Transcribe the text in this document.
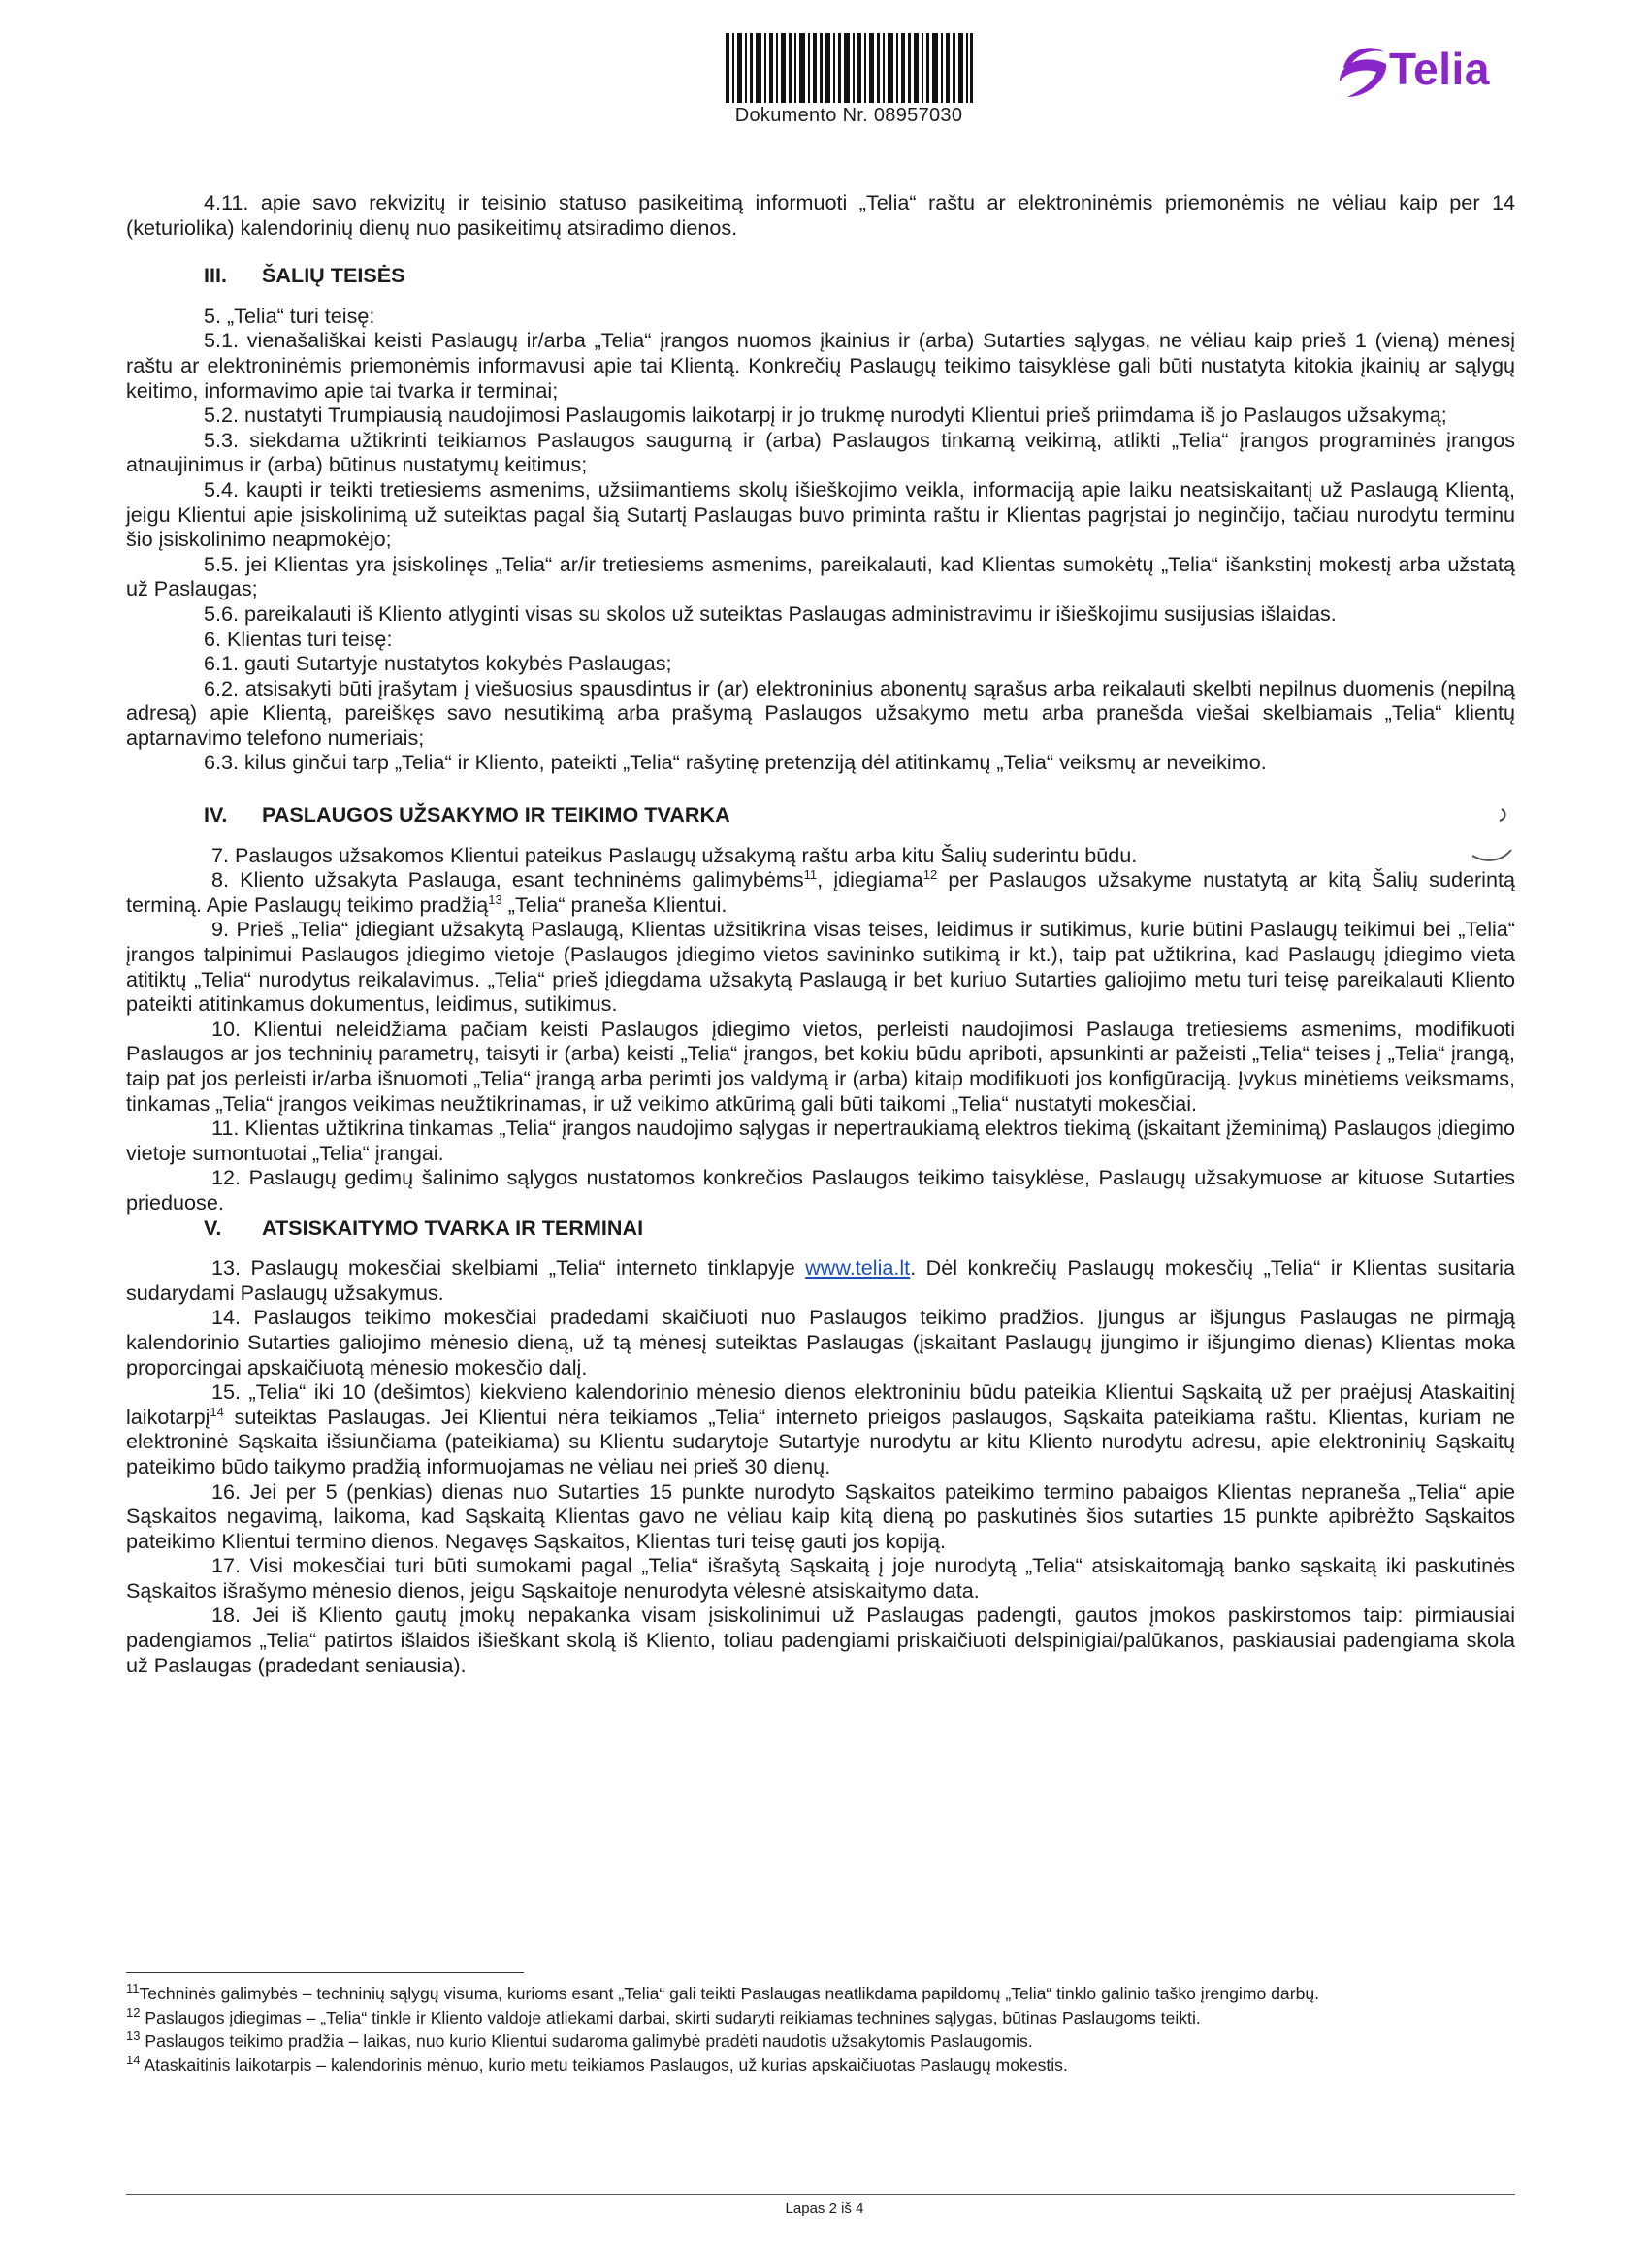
Dokumento Nr. 08957030
Telia

4.11. apie savo rekvizitų ir teisinio statuso pasikeitimą informuoti „Telia“ raštu ar elektroninėmis priemonėmis ne vėliau kaip per 14 (keturiolika) kalendorinių dienų nuo pasikeitimų atsiradimo dienos.

III. ŠALIŲ TEISĖS

5. „Telia“ turi teisę:

5.1. vienašališkai keisti Paslaugų ir/arba „Telia“ įrangos nuomos įkainius ir (arba) Sutarties sąlygas, ne vėliau kaip prieš 1 (vieną) mėnesį raštu ar elektroninėmis priemonėmis informavusi apie tai Klientą. Konkrečių Paslaugų teikimo taisyklėse gali būti nustatyta kitokia įkainių ar sąlygų keitimo, informavimo apie tai tvarka ir terminai;

5.2. nustatyti Trumpiausią naudojimosi Paslaugomis laikotarpį ir jo trukmę nurodyti Klientui prieš priimdama iš jo Paslaugos užsakymą;

5.3. siekdama užtikrinti teikiamos Paslaugos saugumą ir (arba) Paslaugos tinkamą veikimą, atlikti „Telia“ įrangos programinės įrangos atnaujinimus ir (arba) būtinus nustatymų keitimus;

5.4. kaupti ir teikti tretiesiems asmenims, užsiimantiems skolų išieškojimo veikla, informaciją apie laiku neatsiskaitantį už Paslaugą Klientą, jeigu Klientui apie įsiskolinimą už suteiktas pagal šią Sutartį Paslaugas buvo priminta raštu ir Klientas pagrįstai jo neginčijo, tačiau nurodytu terminu šio įsiskolinimo neapmokėjo;

5.5. jei Klientas yra įsiskolinęs „Telia“ ar/ir tretiesiems asmenims, pareikalauti, kad Klientas sumokėtų „Telia“ išankstinį mokestį arba užstatą už Paslaugas;

5.6. pareikalauti iš Kliento atlyginti visas su skolos už suteiktas Paslaugas administravimu ir išieškojimu susijusias išlaidas.

6. Klientas turi teisę:

6.1. gauti Sutartyje nustatytos kokybės Paslaugas;

6.2. atsisakyti būti įrašytam į viešuosius spausdintus ir (ar) elektroninius abonentų sąrašus arba reikalauti skelbti nepilnus duomenis (nepilną adresą) apie Klientą, pareiškęs savo nesutikimą arba prašymą Paslaugos užsakymo metu arba pranešda viešai skelbiamais „Telia“ klientų aptarnavimo telefono numeriais;

6.3. kilus ginčui tarp „Telia“ ir Kliento, pateikti „Telia“ rašytinę pretenziją dėl atitinkamų „Telia“ veiksmų ar neveikimo.

IV. PASLAUGOS UŽSAKYMO IR TEIKIMO TVARKA

7. Paslaugos užsakomos Klientui pateikus Paslaugų užsakymą raštu arba kitu Šalių suderintu būdu.

8. Kliento užsakyta Paslauga, esant techninėms galimybėms$^{11}$, įdiegiama$^{12}$ per Paslaugos užsakyme nustatytą ar kitą Šalių suderintą terminą. Apie Paslaugų teikimo pradžią$^{13}$ „Telia“ praneša Klientui.

9. Prieš „Telia“ įdiegiant užsakytą Paslaugą, Klientas užsitikrina visas teises, leidimus ir sutikimus, kurie būtini Paslaugų teikimui bei „Telia“ įrangos talpinimui Paslaugos įdiegimo vietoje (Paslaugos įdiegimo vietos savininko sutikimą ir kt.), taip pat užtikrina, kad Paslaugų įdiegimo vieta atitiktų „Telia“ nurodytus reikalavimus. „Telia“ prieš įdiegdama užsakytą Paslaugą ir bet kuriuo Sutarties galiojimo metu turi teisę pareikalauti Kliento pateikti atitinkamus dokumentus, leidimus, sutikimus.

10. Klientui neleidžiama pačiam keisti Paslaugos įdiegimo vietos, perleisti naudojimosi Paslauga tretiesiems asmenims, modifikuoti Paslaugos ar jos techninių parametrų, taisyti ir (arba) keisti „Telia“ įrangos, bet kokiu būdu apriboti, apsunkinti ar pažeisti „Telia“ teises į „Telia“ įrangą, taip pat jos perleisti ir/arba išnuomoti „Telia“ įrangą arba perimti jos valdymą ir (arba) kitaip modifikuoti jos konfigūraciją. Įvykus minėtiems veiksmams, tinkamas „Telia“ įrangos veikimas neužtikrinamas, ir už veikimo atkūrimą gali būti taikomi „Telia“ nustatyti mokesčiai.

11. Klientas užtikrina tinkamas „Telia“ įrangos naudojimo sąlygas ir nepertraukiamą elektros tiekimą (įskaitant įžeminimą) Paslaugos įdiegimo vietoje sumontuotai „Telia“ įrangai.

12. Paslaugų gedimų šalinimo sąlygos nustatomos konkrečios Paslaugos teikimo taisyklėse, Paslaugų užsakymuose ar kituose Sutarties prieduose.

V. ATSISKAITYMO TVARKA IR TERMINAI

13. Paslaugų mokesčiai skelbiami „Telia“ interneto tinklapyje www.telia.lt. Dėl konkrečių Paslaugų mokesčių „Telia“ ir Klientas susitaria sudarydami Paslaugų užsakymus.

14. Paslaugos teikimo mokesčiai pradedami skaičiuoti nuo Paslaugos teikimo pradžios. Įjungus ar išjungus Paslaugas ne pirmąją kalendorinio Sutarties galiojimo mėnesio dieną, už tą mėnesį suteiktas Paslaugas (įskaitant Paslaugų įjungimo ir išjungimo dienas) Klientas moka proporcingai apskaičiuotą mėnesio mokesčio dalį.

15. „Telia“ iki 10 (dešimtos) kiekvieno kalendorinio mėnesio dienos elektroniniu būdu pateikia Klientui Sąskaitą už per praėjusį Ataskaitinį laikotarpį$^{14}$ suteiktas Paslaugas. Jei Klientui nėra teikiamos „Telia“ interneto prieigos paslaugos, Sąskaita pateikiama raštu. Klientas, kuriam ne elektroninė Sąskaita išsiunčiama (pateikiama) su Klientu sudarytoje Sutartyje nurodytu ar kitu Kliento nurodytu adresu, apie elektroninių Sąskaitų pateikimo būdo taikymo pradžią informuojamas ne vėliau nei prieš 30 dienų.

16. Jei per 5 (penkias) dienas nuo Sutarties 15 punkte nurodyto Sąskaitos pateikimo termino pabaigos Klientas nepraneša „Telia“ apie Sąskaitos negavimą, laikoma, kad Sąskaitą Klientas gavo ne vėliau kaip kitą dieną po paskutinės šios sutarties 15 punkte apibrėžto Sąskaitos pateikimo Klientui termino dienos. Negavęs Sąskaitos, Klientas turi teisę gauti jos kopiją.

17. Visi mokesčiai turi būti sumokami pagal „Telia“ išrašytą Sąskaitą į joje nurodytą „Telia“ atsiskaitomąją banko sąskaitą iki paskutinės Sąskaitos išrašymo mėnesio dienos, jeigu Sąskaitoje nenurodyta vėlesnė atsiskaitymo data.

18. Jei iš Kliento gautų įmokų nepakanka visam įsiskolinimui už Paslaugas padengti, gautos įmokos paskirstomos taip: pirmiausiai padengiamos „Telia“ patirtos išlaidos išieškant skolą iš Kliento, toliau padengiami priskaičiuoti delspinigiai/palūkanos, paskiausiai padengiama skola už Paslaugas (pradedant seniausia).

$^{11}$Techninės galimybės – techninių sąlygų visuma, kurioms esant „Telia“ gali teikti Paslaugas neatlikdama papildomų „Telia“ tinklo galinio taško įrengimo darbų.

$^{12}$ Paslaugos įdiegimas – „Telia“ tinkle ir Kliento valdoje atliekami darbai, skirti sudaryti reikiamas technines sąlygas, būtinas Paslaugoms teikti.

$^{13}$ Paslaugos teikimo pradžia – laikas, nuo kurio Klientui sudaroma galimybė pradėti naudotis užsakytomis Paslaugomis.

$^{14}$ Ataskaitinis laikotarpis – kalendorinis mėnuo, kurio metu teikiamos Paslaugos, už kurias apskaičiuotas Paslaugų mokestis.

Lapas 2 iš 4
